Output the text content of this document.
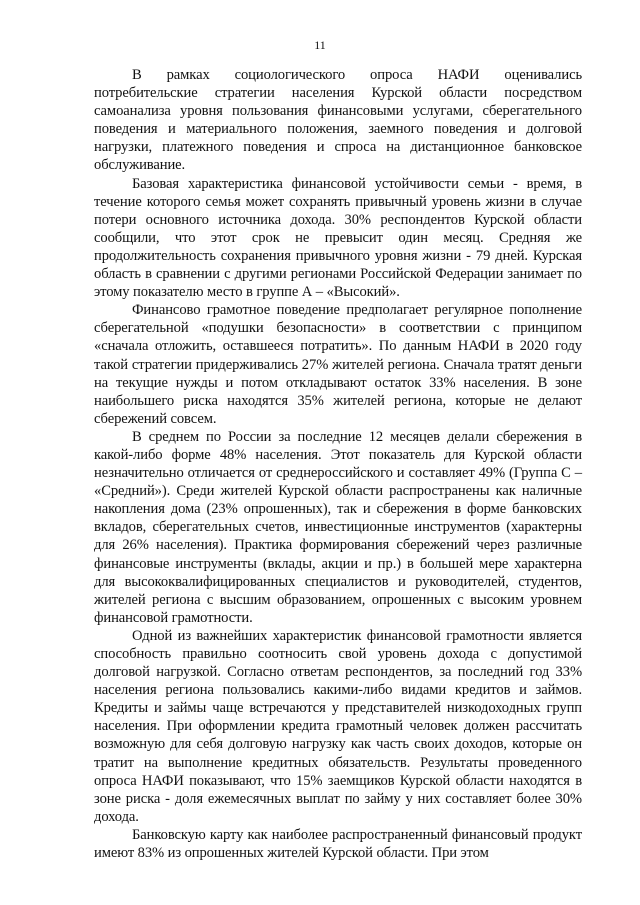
11

В рамках социологического опроса НАФИ оценивались потребительские стратегии населения Курской области посредством самоанализа уровня пользования финансовыми услугами, сберегательного поведения и материального положения, заемного поведения и долговой нагрузки, платежного поведения и спроса на дистанционное банковское обслуживание.

Базовая характеристика финансовой устойчивости семьи - время, в течение которого семья может сохранять привычный уровень жизни в случае потери основного источника дохода. 30% респондентов Курской области сообщили, что этот срок не превысит один месяц. Средняя же продолжительность сохранения привычного уровня жизни - 79 дней. Курская область в сравнении с другими регионами Российской Федерации занимает по этому показателю место в группе А – «Высокий».

Финансово грамотное поведение предполагает регулярное пополнение сберегательной «подушки безопасности» в соответствии с принципом «сначала отложить, оставшееся потратить». По данным НАФИ в 2020 году такой стратегии придерживались 27% жителей региона. Сначала тратят деньги на текущие нужды и потом откладывают остаток 33% населения. В зоне наибольшего риска находятся 35% жителей региона, которые не делают сбережений совсем.

В среднем по России за последние 12 месяцев делали сбережения в какой-либо форме 48% населения. Этот показатель для Курской области незначительно отличается от среднероссийского и составляет 49% (Группа С – «Средний»). Среди жителей Курской области распространены как наличные накопления дома (23% опрошенных), так и сбережения в форме банковских вкладов, сберегательных счетов, инвестиционные инструментов (характерны для 26% населения). Практика формирования сбережений через различные финансовые инструменты (вклады, акции и пр.) в большей мере характерна для высококвалифицированных специалистов и руководителей, студентов, жителей региона с высшим образованием, опрошенных с высоким уровнем финансовой грамотности.

Одной из важнейших характеристик финансовой грамотности является способность правильно соотносить свой уровень дохода с допустимой долговой нагрузкой. Согласно ответам респондентов, за последний год 33% населения региона пользовались какими-либо видами кредитов и займов. Кредиты и займы чаще встречаются у представителей низкодоходных групп населения. При оформлении кредита грамотный человек должен рассчитать возможную для себя долговую нагрузку как часть своих доходов, которые он тратит на выполнение кредитных обязательств. Результаты проведенного опроса НАФИ показывают, что 15% заемщиков Курской области находятся в зоне риска - доля ежемесячных выплат по займу у них составляет более 30% дохода.

Банковскую карту как наиболее распространенный финансовый продукт имеют 83% из опрошенных жителей Курской области. При этом
